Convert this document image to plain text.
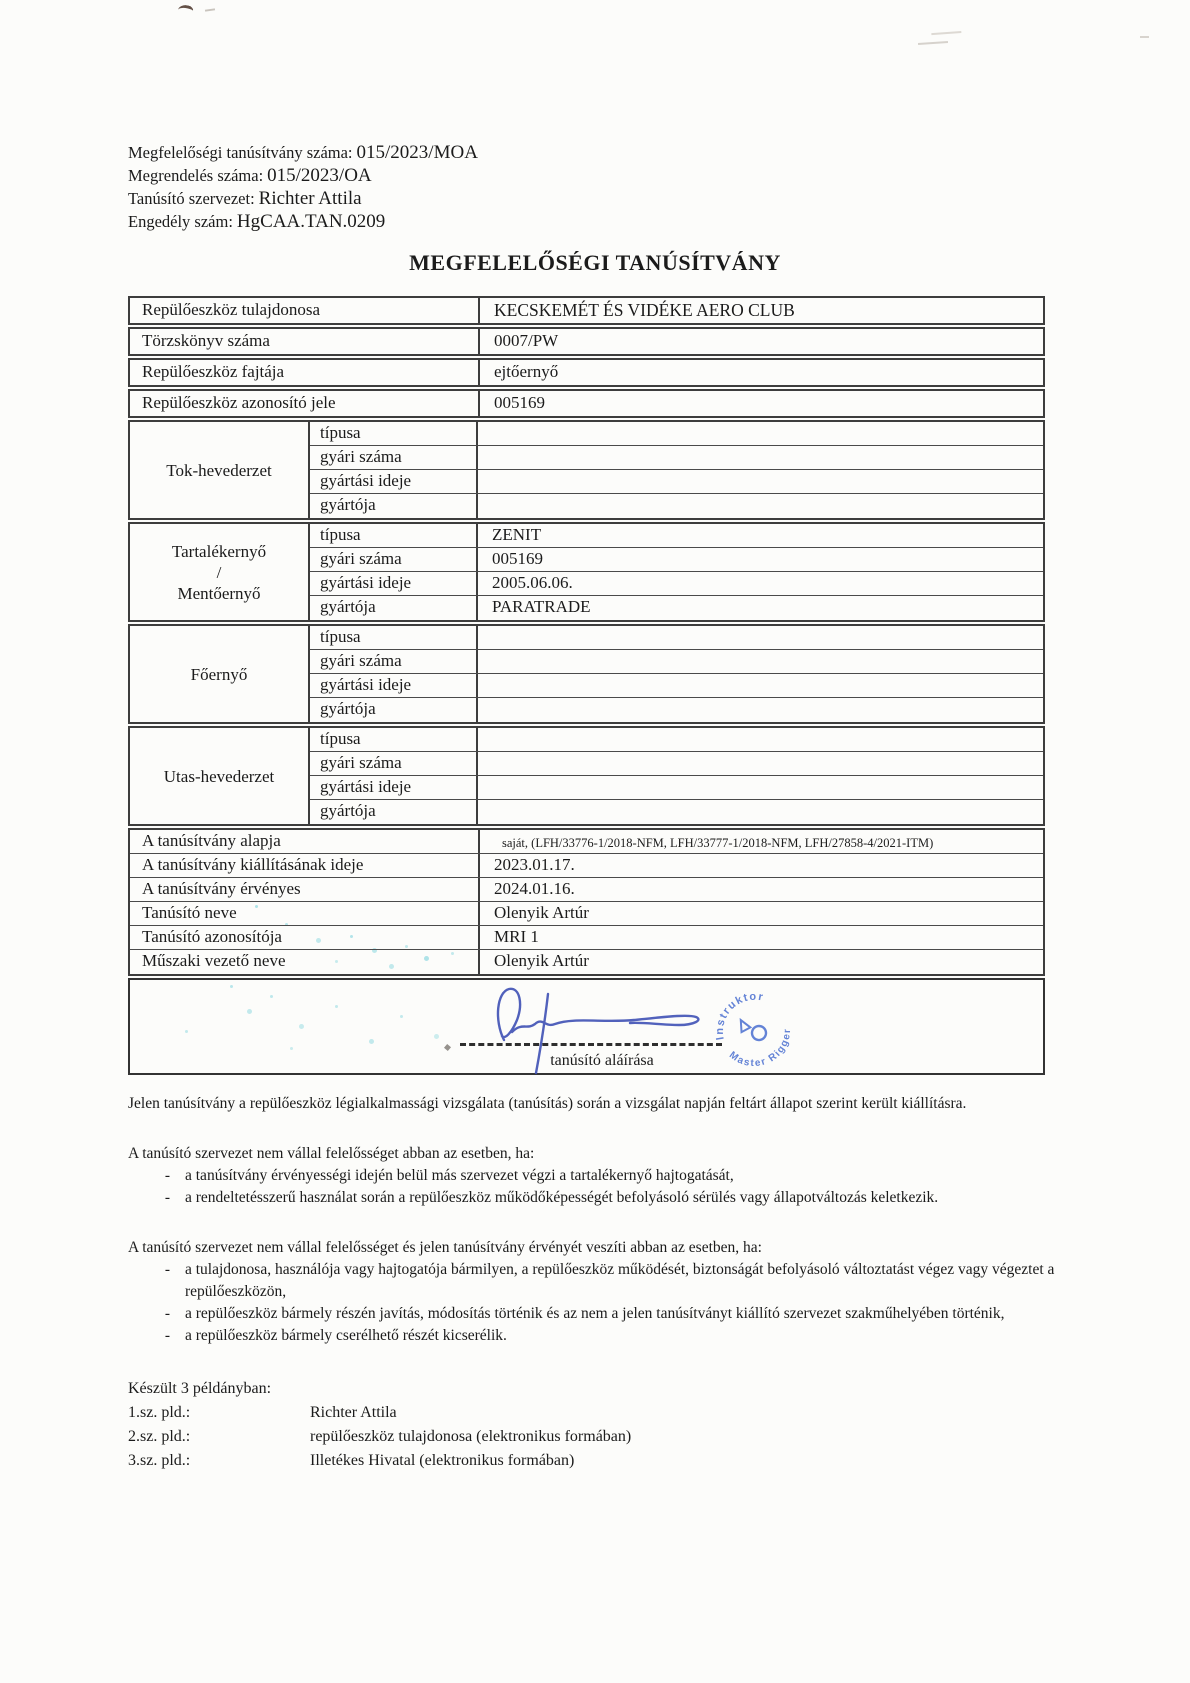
Megfelelőségi tanúsítvány száma: 015/2023/MOA
Megrendelés száma: 015/2023/OA
Tanúsító szervezet: Richter Attila
Engedély szám: HgCAA.TAN.0209
MEGFELELŐSÉGI TANÚSÍTVÁNY
Repülőeszköz tulajdonosa	KECSKEMÉT ÉS VIDÉKE AERO CLUB
Törzskönyv száma	0007/PW
Repülőeszköz fajtája	ejtőernyő
Repülőeszköz azonosító jele	005169
Tok-hevederzet
típusa
gyári száma
gyártási ideje
gyártója
Tartalékernyő
/
Mentőernyő
típusa	ZENIT
gyári száma	005169
gyártási ideje	2005.06.06.
gyártója	PARATRADE
Főernyő
típusa
gyári száma
gyártási ideje
gyártója
Utas-hevederzet
típusa
gyári száma
gyártási ideje
gyártója
A tanúsítvány alapja	saját, (LFH/33776-1/2018-NFM, LFH/33777-1/2018-NFM, LFH/27858-4/2021-ITM)
A tanúsítvány kiállításának ideje	2023.01.17.
A tanúsítvány érvényes	2024.01.16.
Tanúsító neve	Olenyik Artúr
Tanúsító azonosítója	MRI 1
Műszaki vezető neve	Olenyik Artúr
tanúsító aláírása
Instruktor
Master Rigger

Jelen tanúsítvány a repülőeszköz légialkalmassági vizsgálata (tanúsítás) során a vizsgálat napján feltárt állapot szerint került kiállításra.

A tanúsító szervezet nem vállal felelősséget abban az esetben, ha:

- a tanúsítvány érvényességi idején belül más szervezet végzi a tartalékernyő hajtogatását,
- a rendeltetésszerű használat során a repülőeszköz működőképességét befolyásoló sérülés vagy állapotváltozás keletkezik.

A tanúsító szervezet nem vállal felelősséget és jelen tanúsítvány érvényét veszíti abban az esetben, ha:

- a tulajdonosa, használója vagy hajtogatója bármilyen, a repülőeszköz működését, biztonságát befolyásoló változtatást végez vagy végeztet a repülőeszközön,
- a repülőeszköz bármely részén javítás, módosítás történik és az nem a jelen tanúsítványt kiállító szervezet szakműhelyében történik,
- a repülőeszköz bármely cserélhető részét kicserélik.
Készült 3 példányban:
1.sz. pld.:	Richter Attila
2.sz. pld.:	repülőeszköz tulajdonosa (elektronikus formában)
3.sz. pld.:	Illetékes Hivatal (elektronikus formában)
